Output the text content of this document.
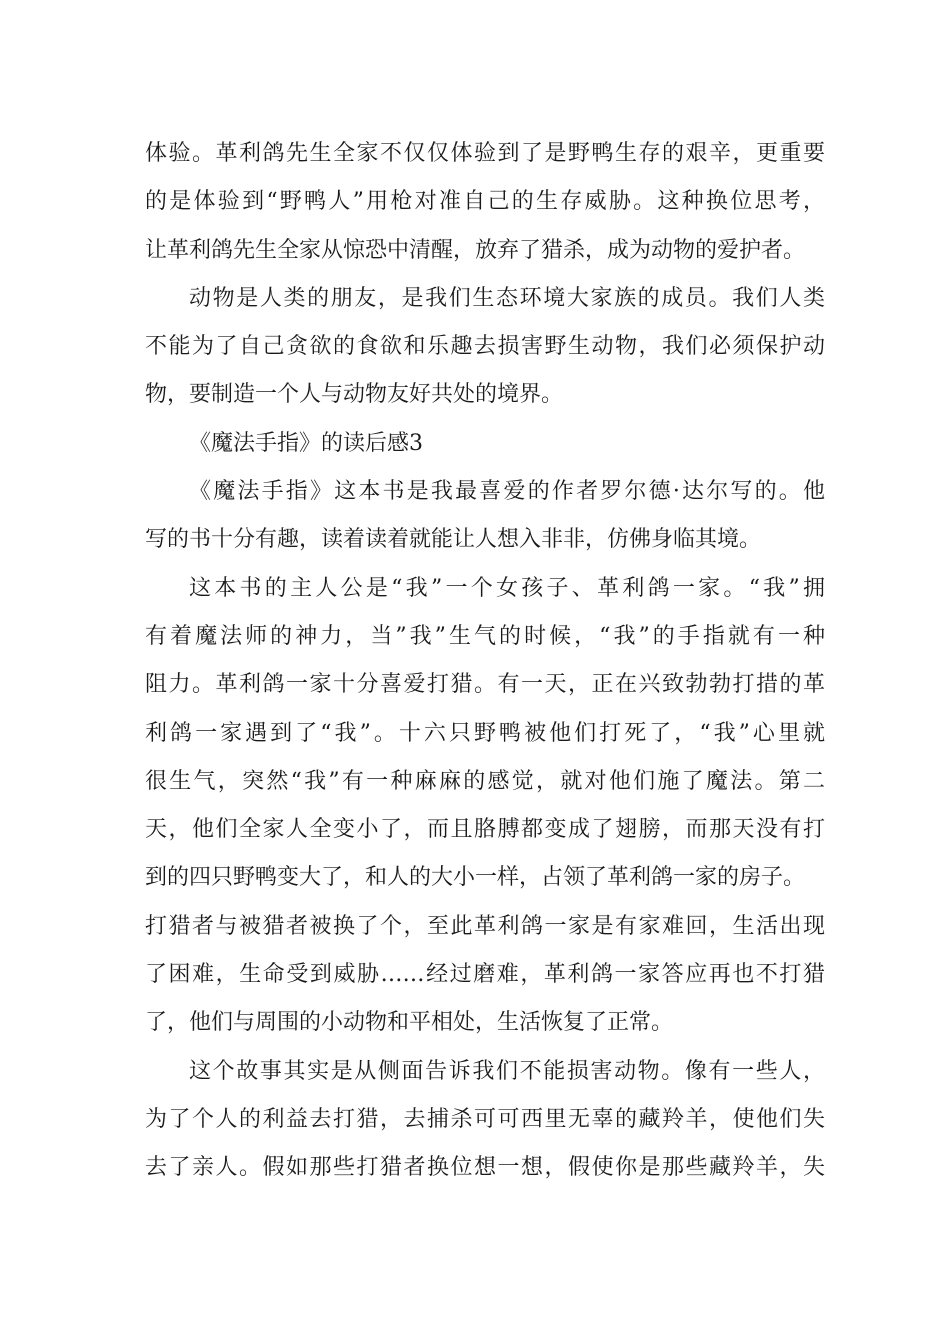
体验。革利鸽先生全家不仅仅体验到了是野鸭生存的艰辛，更重要
的是体验到“野鸭人”用枪对准自己的生存威胁。这种换位思考，
让革利鸽先生全家从惊恐中清醒，放弃了猎杀，成为动物的爱护者。
动物是人类的朋友，是我们生态环境大家族的成员。我们人类
不能为了自己贪欲的食欲和乐趣去损害野生动物，我们必须保护动
物，要制造一个人与动物友好共处的境界。
《魔法手指》的读后感3
《魔法手指》这本书是我最喜爱的作者罗尔德·达尔写的。他
写的书十分有趣，读着读着就能让人想入非非，仿佛身临其境。
这本书的主人公是“我”一个女孩子、革利鸽一家。“我”拥
有着魔法师的神力，当”我”生气的时候，“我”的手指就有一种
阻力。革利鸽一家十分喜爱打猎。有一天，正在兴致勃勃打措的革
利鸽一家遇到了“我”。十六只野鸭被他们打死了，“我”心里就
很生气，突然“我”有一种麻麻的感觉，就对他们施了魔法。第二
天，他们全家人全变小了，而且胳膊都变成了翅膀，而那天没有打
到的四只野鸭变大了，和人的大小一样，占领了革利鸽一家的房子。
打猎者与被猎者被换了个，至此革利鸽一家是有家难回，生活出现
了困难，生命受到威胁……经过磨难，革利鸽一家答应再也不打猎
了，他们与周围的小动物和平相处，生活恢复了正常。
这个故事其实是从侧面告诉我们不能损害动物。像有一些人，
为了个人的利益去打猎，去捕杀可可西里无辜的藏羚羊，使他们失
去了亲人。假如那些打猎者换位想一想，假使你是那些藏羚羊，失
